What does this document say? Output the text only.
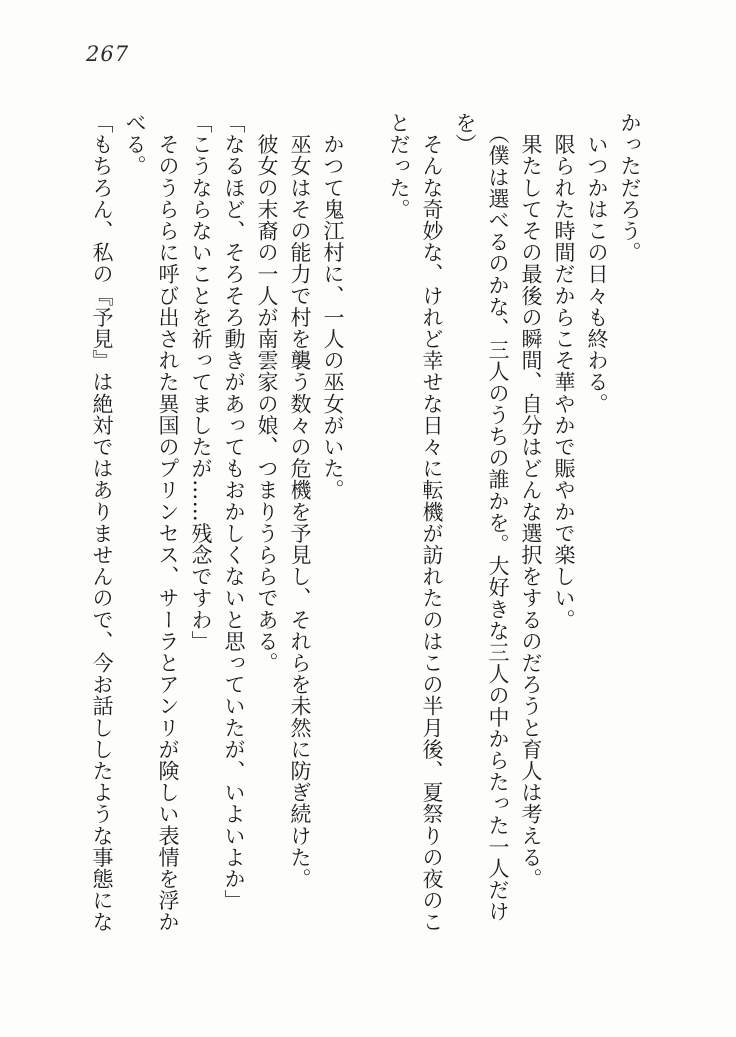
267

かっただろう。

　いつかはこの日々も終わる。

　限られた時間だからこそ華やかで賑やかで楽しい。

　果たしてその最後の瞬間、自分はどんな選択をするのだろうと育人は考える。

　（僕は選べるのかな、三人のうちの誰かを。大好きな三人の中からたった一人だけ

を）

　そんな奇妙な、けれど幸せな日々に転機が訪れたのはこの半月後、夏祭りの夜のこ

とだった。

　かつて鬼江村に、一人の巫女がいた。

　巫女はその能力で村を襲う数々の危機を予見し、それらを未然に防ぎ続けた。

　彼女の末裔の一人が南雲家の娘、つまりうららである。

「なるほど、そろそろ動きがあってもおかしくないと思っていたが、いよいよか」

「こうならないことを祈ってましたが……残念ですわ」

　そのうららに呼び出された異国のプリンセス、サーラとアンリが険しい表情を浮か

べる。

「もちろん、私の『予見』は絶対ではありませんので、今お話ししたような事態にな
